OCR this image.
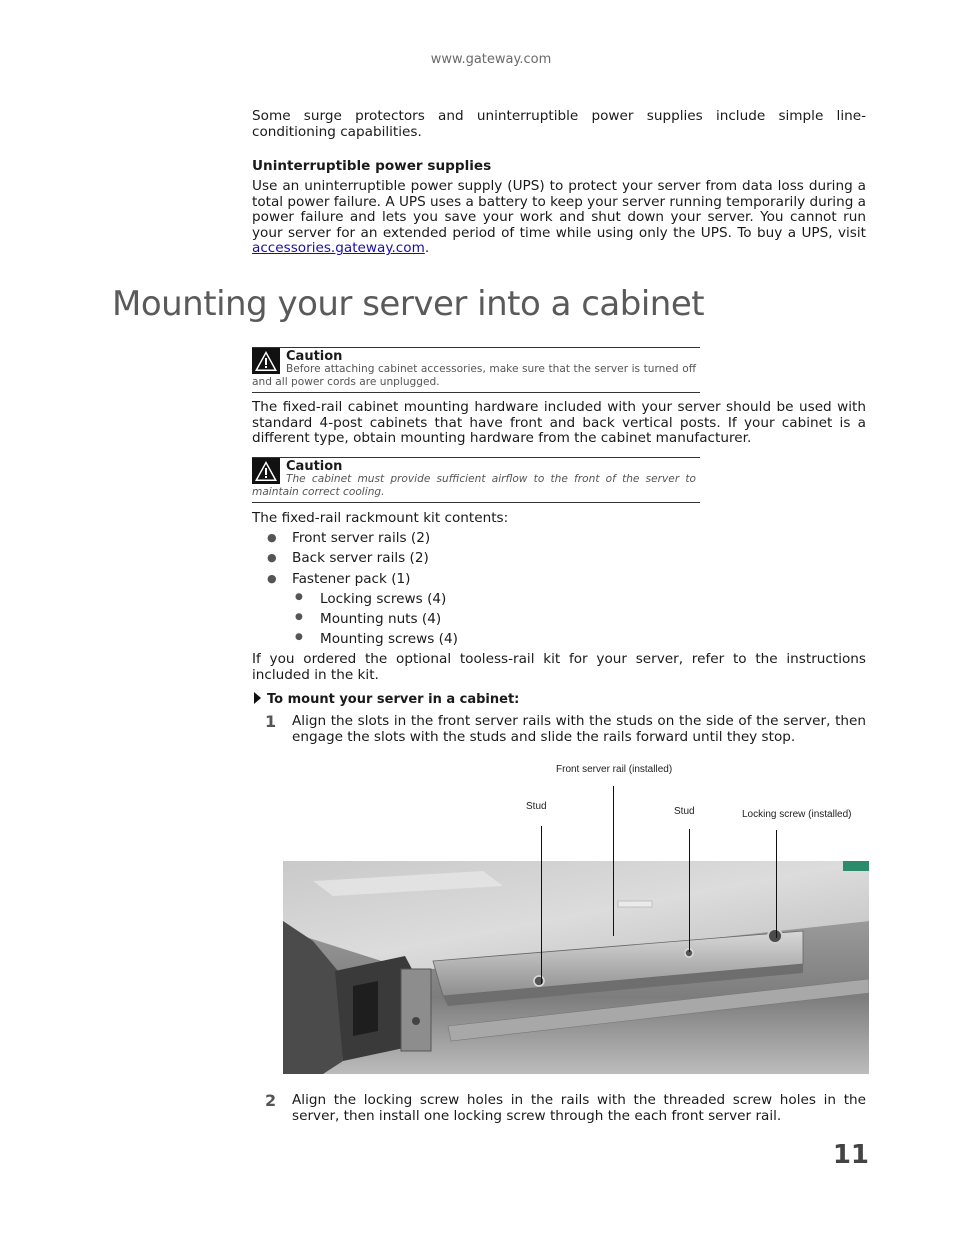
www.gateway.com

Some surge protectors and uninterruptible power supplies include simple line-conditioning capabilities.

Uninterruptible power supplies

Use an uninterruptible power supply (UPS) to protect your server from data loss during a total power failure. A UPS uses a battery to keep your server running temporarily during a power failure and lets you save your work and shut down your server. You cannot run your server for an extended period of time while using only the UPS. To buy a UPS, visit accessories.gateway.com.

Mounting your server into a cabinet
Caution
Before attaching cabinet accessories, make sure that the server is turned off and all power cords are unplugged.

The fixed-rail cabinet mounting hardware included with your server should be used with standard 4-post cabinets that have front and back vertical posts. If your cabinet is a different type, obtain mounting hardware from the cabinet manufacturer.

Caution
The cabinet must provide sufficient airflow to the front of the server to maintain correct cooling.
The fixed-rail rackmount kit contents:
● Front server rails (2)
● Back server rails (2)
● Fastener pack (1)
● Locking screws (4)
● Mounting nuts (4)
● Mounting screws (4)

If you ordered the optional tooless-rail kit for your server, refer to the instructions included in the kit.

To mount your server in a cabinet:
1 Align the slots in the front server rails with the studs on the side of the server, then engage the slots with the studs and slide the rails forward until they stop.

Front server rail (installed)
Stud	Stud	Locking screw (installed)
2 Align the locking screw holes in the rails with the threaded screw holes in the server, then install one locking screw through the each front server rail.

11
